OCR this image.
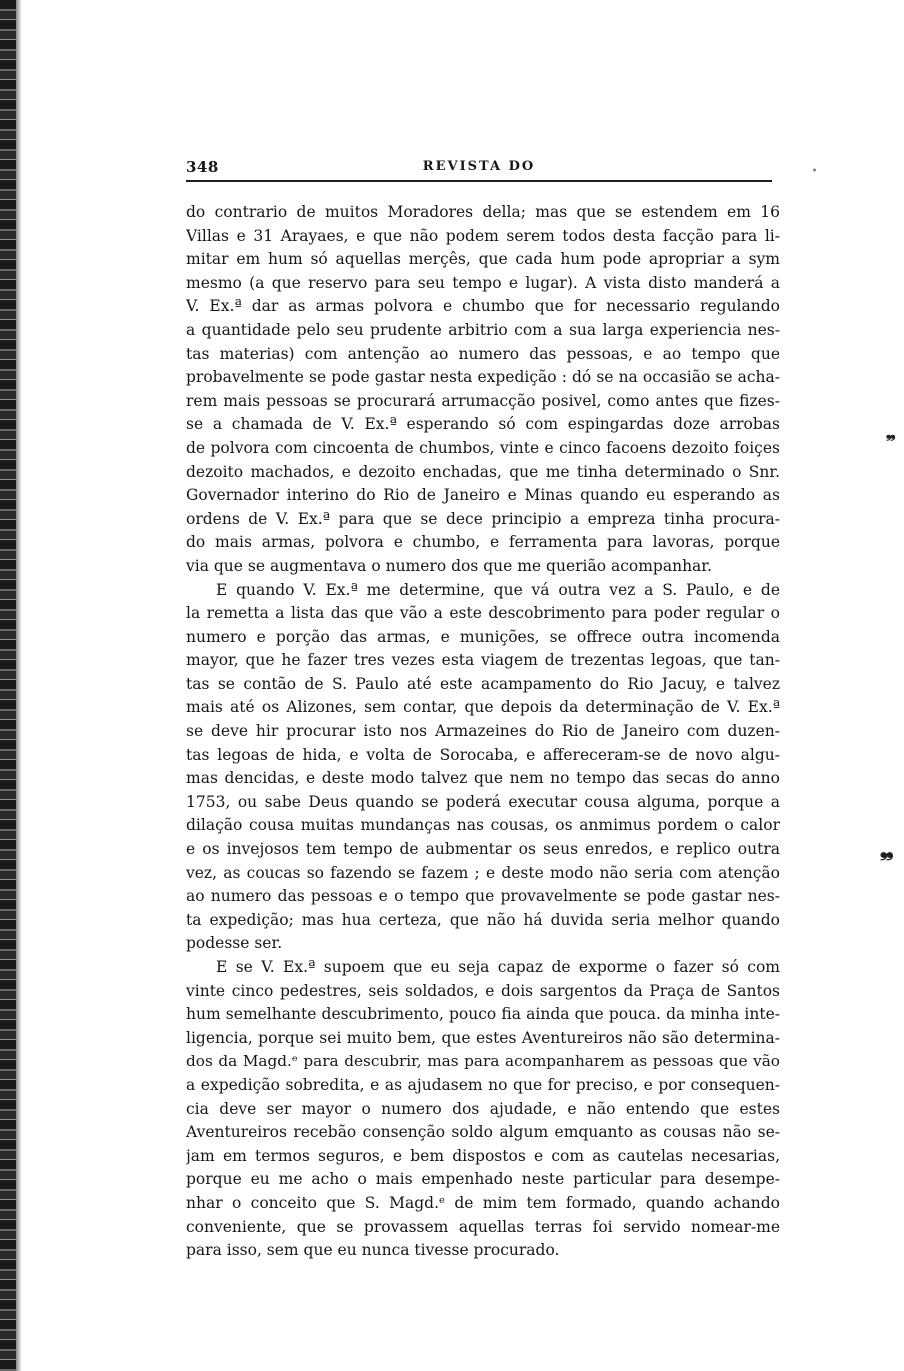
348	REVISTA DO
do contrario de muitos Moradores della; mas que se estendem em 16
Villas e 31 Arayaes, e que não podem serem todos desta facção para li-
mitar em hum só aquellas merçês, que cada hum pode apropriar a sym
mesmo (a que reservo para seu tempo e lugar). A vista disto manderá a
V. Ex.ª dar as armas polvora e chumbo que for necessario regulando
a quantidade pelo seu prudente arbitrio com a sua larga experiencia nes-
tas materias) com antenção ao numero das pessoas, e ao tempo que
probavelmente se pode gastar nesta expedição : dó se na occasião se acha-
rem mais pessoas se procurará arrumacção posivel, como antes que fizes-
se a chamada de V. Ex.ª esperando só com espingardas doze arrobas
de polvora com cincoenta de chumbos, vinte e cinco facoens dezoito foiçes
dezoito machados, e dezoito enchadas, que me tinha determinado o Snr.
Governador interino do Rio de Janeiro e Minas quando eu esperando as
ordens de V. Ex.ª para que se dece principio a empreza tinha procura-
do mais armas, polvora e chumbo, e ferramenta para lavoras, porque
via que se augmentava o numero dos que me querião acompanhar.
E quando V. Ex.ª me determine, que vá outra vez a S. Paulo, e de
la remetta a lista das que vão a este descobrimento para poder regular o
numero e porção das armas, e munições, se offrece outra incomenda
mayor, que he fazer tres vezes esta viagem de trezentas legoas, que tan-
tas se contão de S. Paulo até este acampamento do Rio Jacuy, e talvez
mais até os Alizones, sem contar, que depois da determinação de V. Ex.ª
se deve hir procurar isto nos Armazeines do Rio de Janeiro com duzen-
tas legoas de hida, e volta de Sorocaba, e affereceram-se de novo algu-
mas dencidas, e deste modo talvez que nem no tempo das secas do anno
1753, ou sabe Deus quando se poderá executar cousa alguma, porque a
dilação cousa muitas mundanças nas cousas, os anmimus pordem o calor
e os invejosos tem tempo de aubmentar os seus enredos, e replico outra
vez, as coucas so fazendo se fazem ; e deste modo não seria com atenção
ao numero das pessoas e o tempo que provavelmente se pode gastar nes-
ta expedição; mas hua certeza, que não há duvida seria melhor quando
podesse ser.
E se V. Ex.ª supoem que eu seja capaz de exporme o fazer só com
vinte cinco pedestres, seis soldados, e dois sargentos da Praça de Santos
hum semelhante descubrimento, pouco fia ainda que pouca. da minha inte-
ligencia, porque sei muito bem, que estes Aventureiros não são determina-
dos da Magd.ᵉ para descubrir, mas para acompanharem as pessoas que vão
a expedição sobredita, e as ajudasem no que for preciso, e por consequen-
cia deve ser mayor o numero dos ajudade, e não entendo que estes
Aventureiros recebão consenção soldo algum emquanto as cousas não se-
jam em termos seguros, e bem dispostos e com as cautelas necesarias,
porque eu me acho o mais empenhado neste particular para desempe-
nhar o conceito que S. Magd.ᵉ de mim tem formado, quando achando
conveniente, que se provassem aquellas terras foi servido nomear-me
para isso, sem que eu nunca tivesse procurado.
❠
❠
•
